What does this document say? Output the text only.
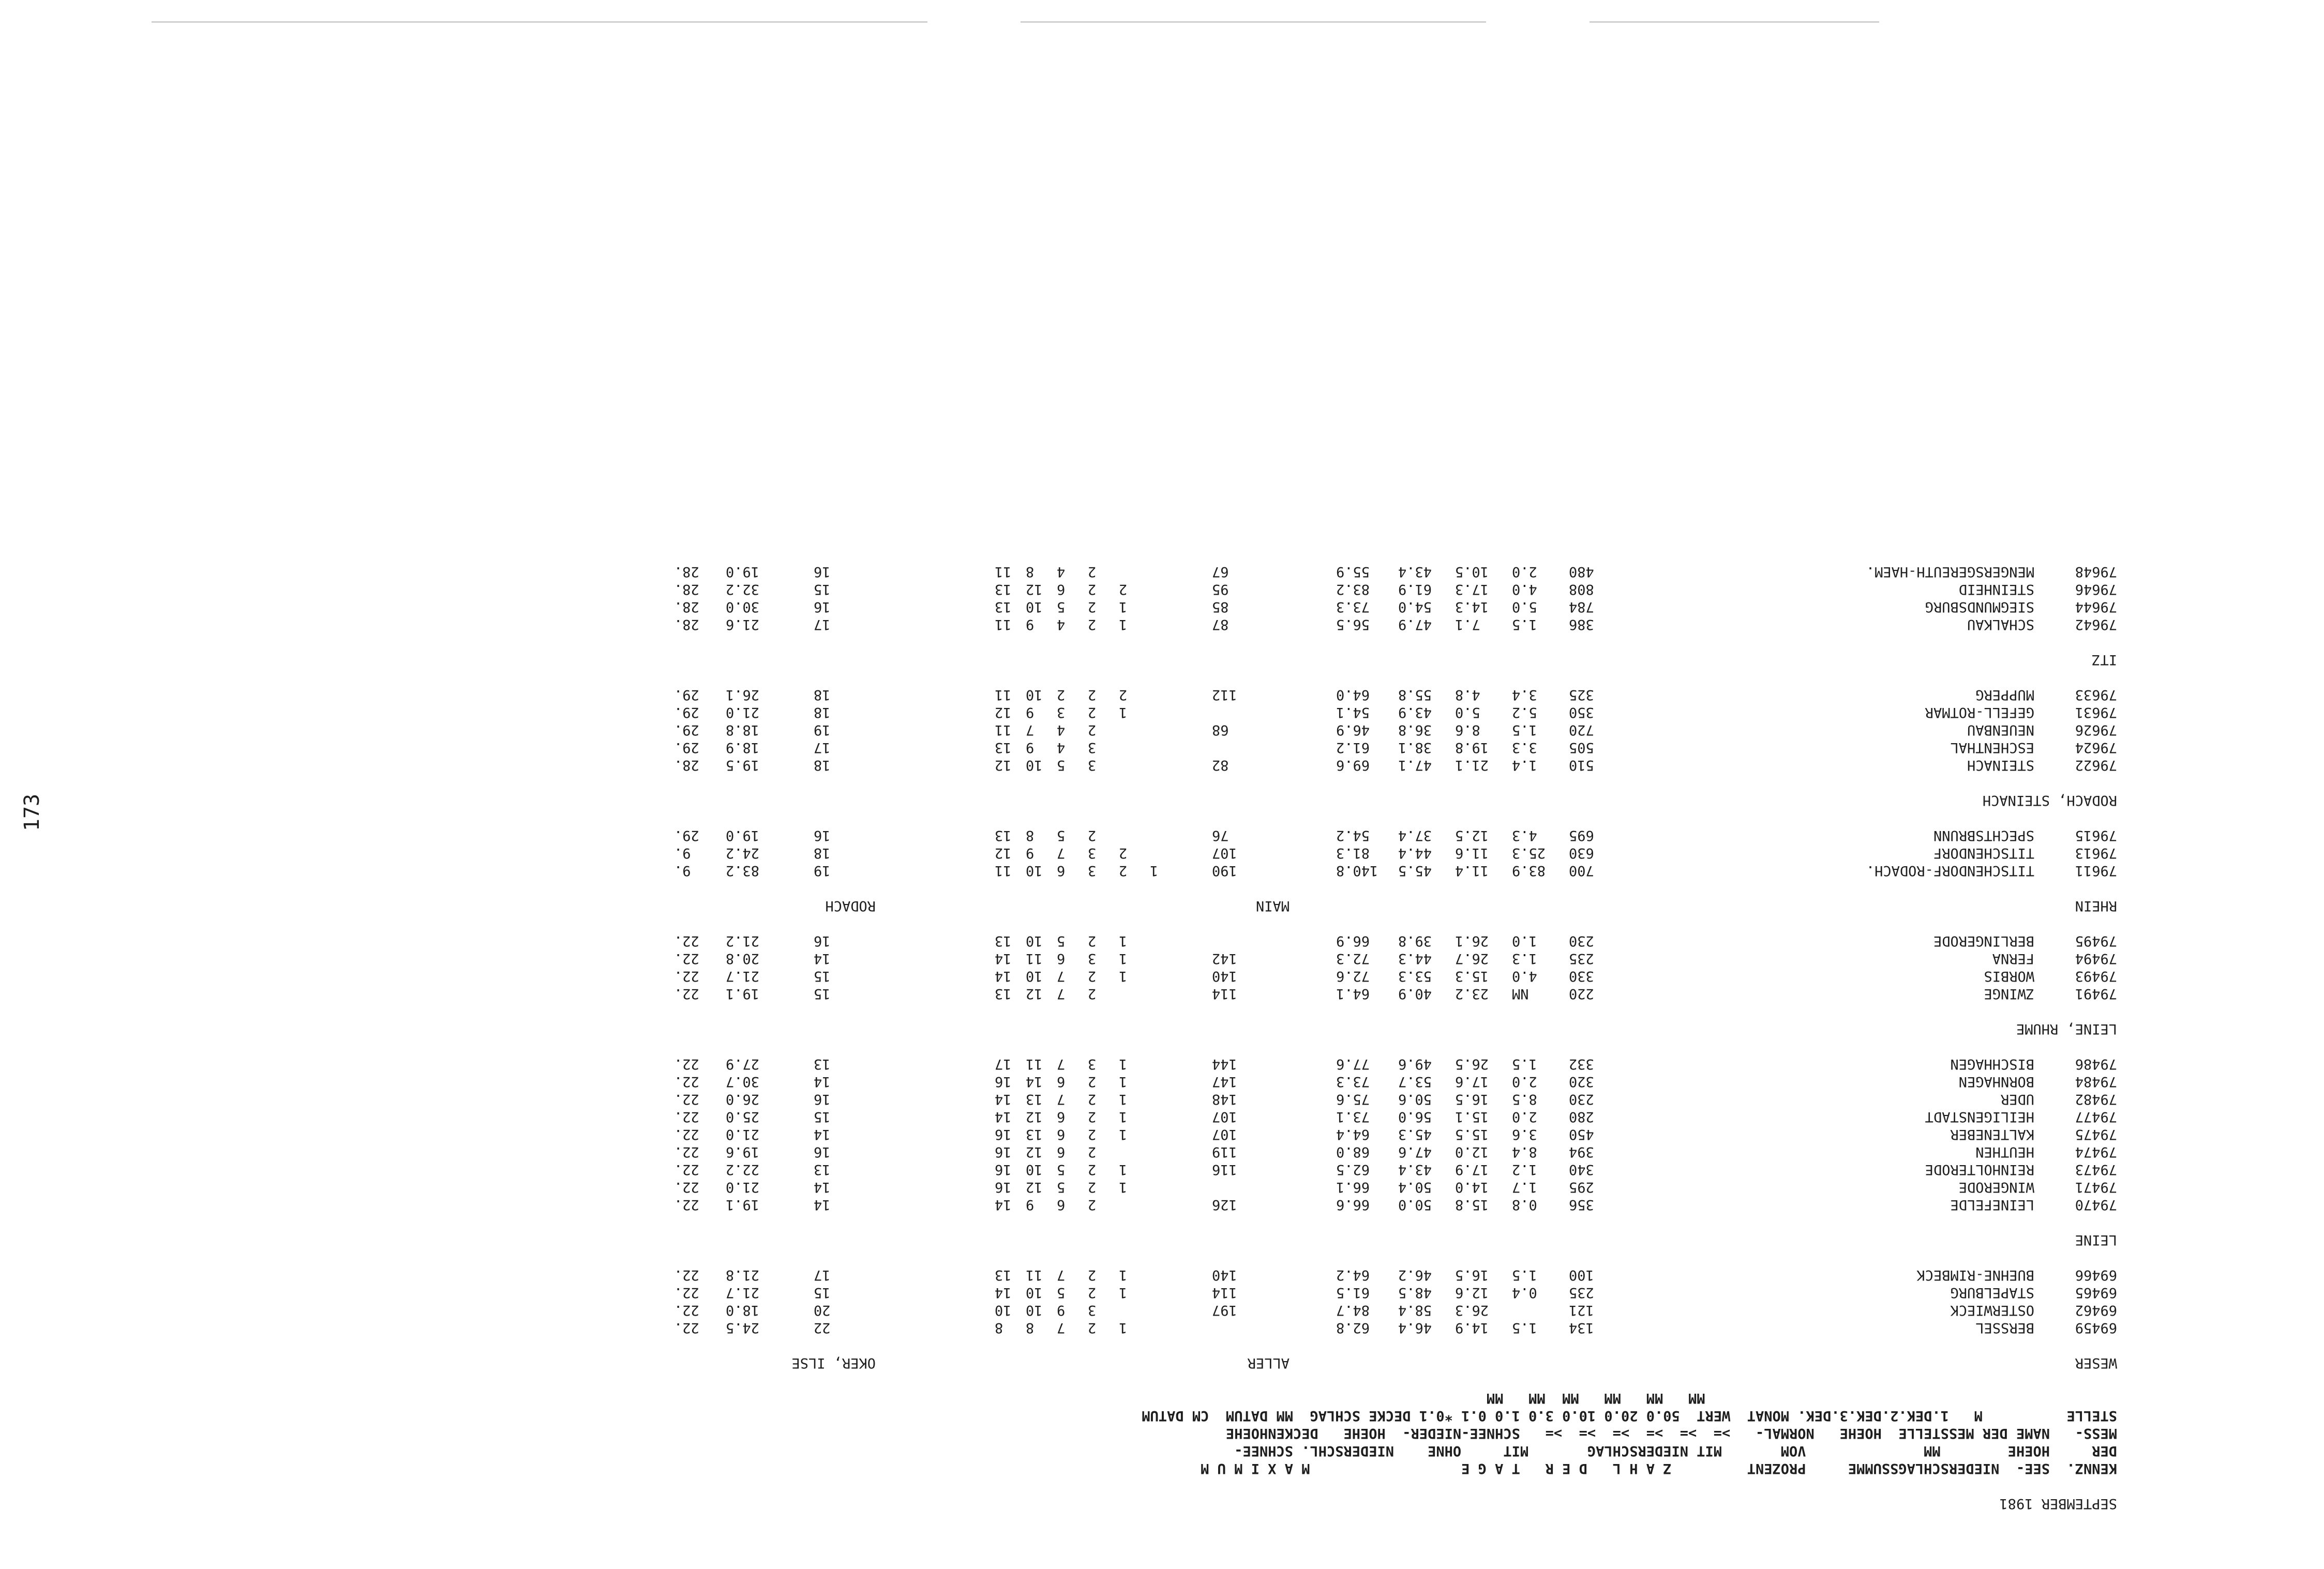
SEPTEMBER 1981
KENNZ.  SEE-  NIEDERSCHLAGSSUMME     PROZENT         Z A H L   D E R   T A G E                  M A X I M U M
DER     HOEHE        MM              VOM       MIT NIEDERSCHLAG       MIT     OHNE    NIEDERSCHL. SCHNEE-
MESS-   NAME DER MESSTELLE  HOEHE   NORMAL-   >=  >=  >=  >=  >=  >=   SCHNEE-NIEDER-  HOEHE   DECKENHOEHE
STELLE          M   1.DEK.2.DEK.3.DEK. MONAT  WERT  50.0 20.0 10.0 3.0 1.0 0.1 *0.1 DECKE SCHLAG  MM DATUM  CM DATUM
MM   MM   MM   MM  MM   MM
WESER
ALLER
OKER, ILSE
69459
BERSSEL
134
1.5
14.9
46.4
62.8
1
2
7
8
8
22
24.5
22.
69462
OSTERWIECK
121
26.3
58.4
84.7
197
3
9
10
10
20
18.0
22.
69465
STAPELBURG
235
0.4
12.6
48.5
61.5
114
1
2
5
10
14
15
21.7
22.
69466
BUEHNE-RIMBECK
100
1.5
16.5
46.2
64.2
140
1
2
7
11
13
17
21.8
22.
LEINE
79470
LEINEFELDE
356
0.8
15.8
50.0
66.6
126
2
6
9
14
14
19.1
22.
79471
WINGERODE
295
1.7
14.0
50.4
66.1
1
2
5
12
16
14
21.0
22.
79473
REINHOLTERODE
340
1.2
17.9
43.4
62.5
116
1
2
5
10
16
13
22.2
22.
79474
HEUTHEN
394
8.4
12.0
47.6
68.0
119
2
6
12
16
16
19.6
22.
79475
KALTENEBER
450
3.6
15.5
45.3
64.4
107
1
2
6
13
16
14
21.0
22.
79477
HEILIGENSTADT
280
2.0
15.1
56.0
73.1
107
1
2
6
12
14
15
25.0
22.
79482
UDER
230
8.5
16.5
50.6
75.6
148
1
2
7
13
14
16
26.0
22.
79484
BORNHAGEN
320
2.0
17.6
53.7
73.3
147
1
2
6
14
16
14
30.7
22.
79486
BISCHHAGEN
332
1.5
26.5
49.6
77.6
144
1
3
7
11
17
13
27.9
22.
LEINE, RHUME
79491
ZWINGE
220
NM
23.2
40.9
64.1
114
2
7
12
13
15
19.1
22.
79493
WORBIS
330
4.0
15.3
53.3
72.6
140
1
2
7
10
14
15
21.7
22.
79494
FERNA
235
1.3
26.7
44.3
72.3
142
1
3
6
11
14
14
20.8
22.
79495
BERLINGERODE
230
1.0
26.1
39.8
66.9
1
2
5
10
13
16
21.2
22.
RHEIN
MAIN
RODACH
79611
TITSCHENDORF-RODACH.
700
83.9
11.4
45.5
140.8
190
1
2
3
6
10
11
19
83.2
9.
79613
TITSCHENDORF
630
25.3
11.6
44.4
81.3
107
2
3
7
9
12
18
24.2
9.
79615
SPECHTSBRUNN
695
4.3
12.5
37.4
54.2
76
2
5
8
13
16
19.0
29.
RODACH, STEINACH
79622
STEINACH
510
1.4
21.1
47.1
69.6
82
3
5
10
12
18
19.5
28.
79624
ESCHENTHAL
505
3.3
19.8
38.1
61.2
3
4
9
13
17
18.9
29.
79626
NEUENBAU
720
1.5
8.6
36.8
46.9
68
2
4
7
11
19
18.8
29.
79631
GEFELL-ROTMAR
350
5.2
5.0
43.9
54.1
1
2
3
9
12
18
21.0
29.
79633
MUPPERG
325
3.4
4.8
55.8
64.0
112
2
2
2
10
11
18
26.1
29.
ITZ
79642
SCHALKAU
386
1.5
7.1
47.9
56.5
87
1
2
4
9
11
17
21.6
28.
79644
SIEGMUNDSBURG
784
5.0
14.3
54.0
73.3
85
1
2
5
10
13
16
30.0
28.
79646
STEINHEID
808
4.0
17.3
61.9
83.2
95
2
2
6
12
13
15
32.2
28.
79648
MENGERSGEREUTH-HAEM.
480
2.0
10.5
43.4
55.9
67
2
4
8
11
16
19.0
28.
173
